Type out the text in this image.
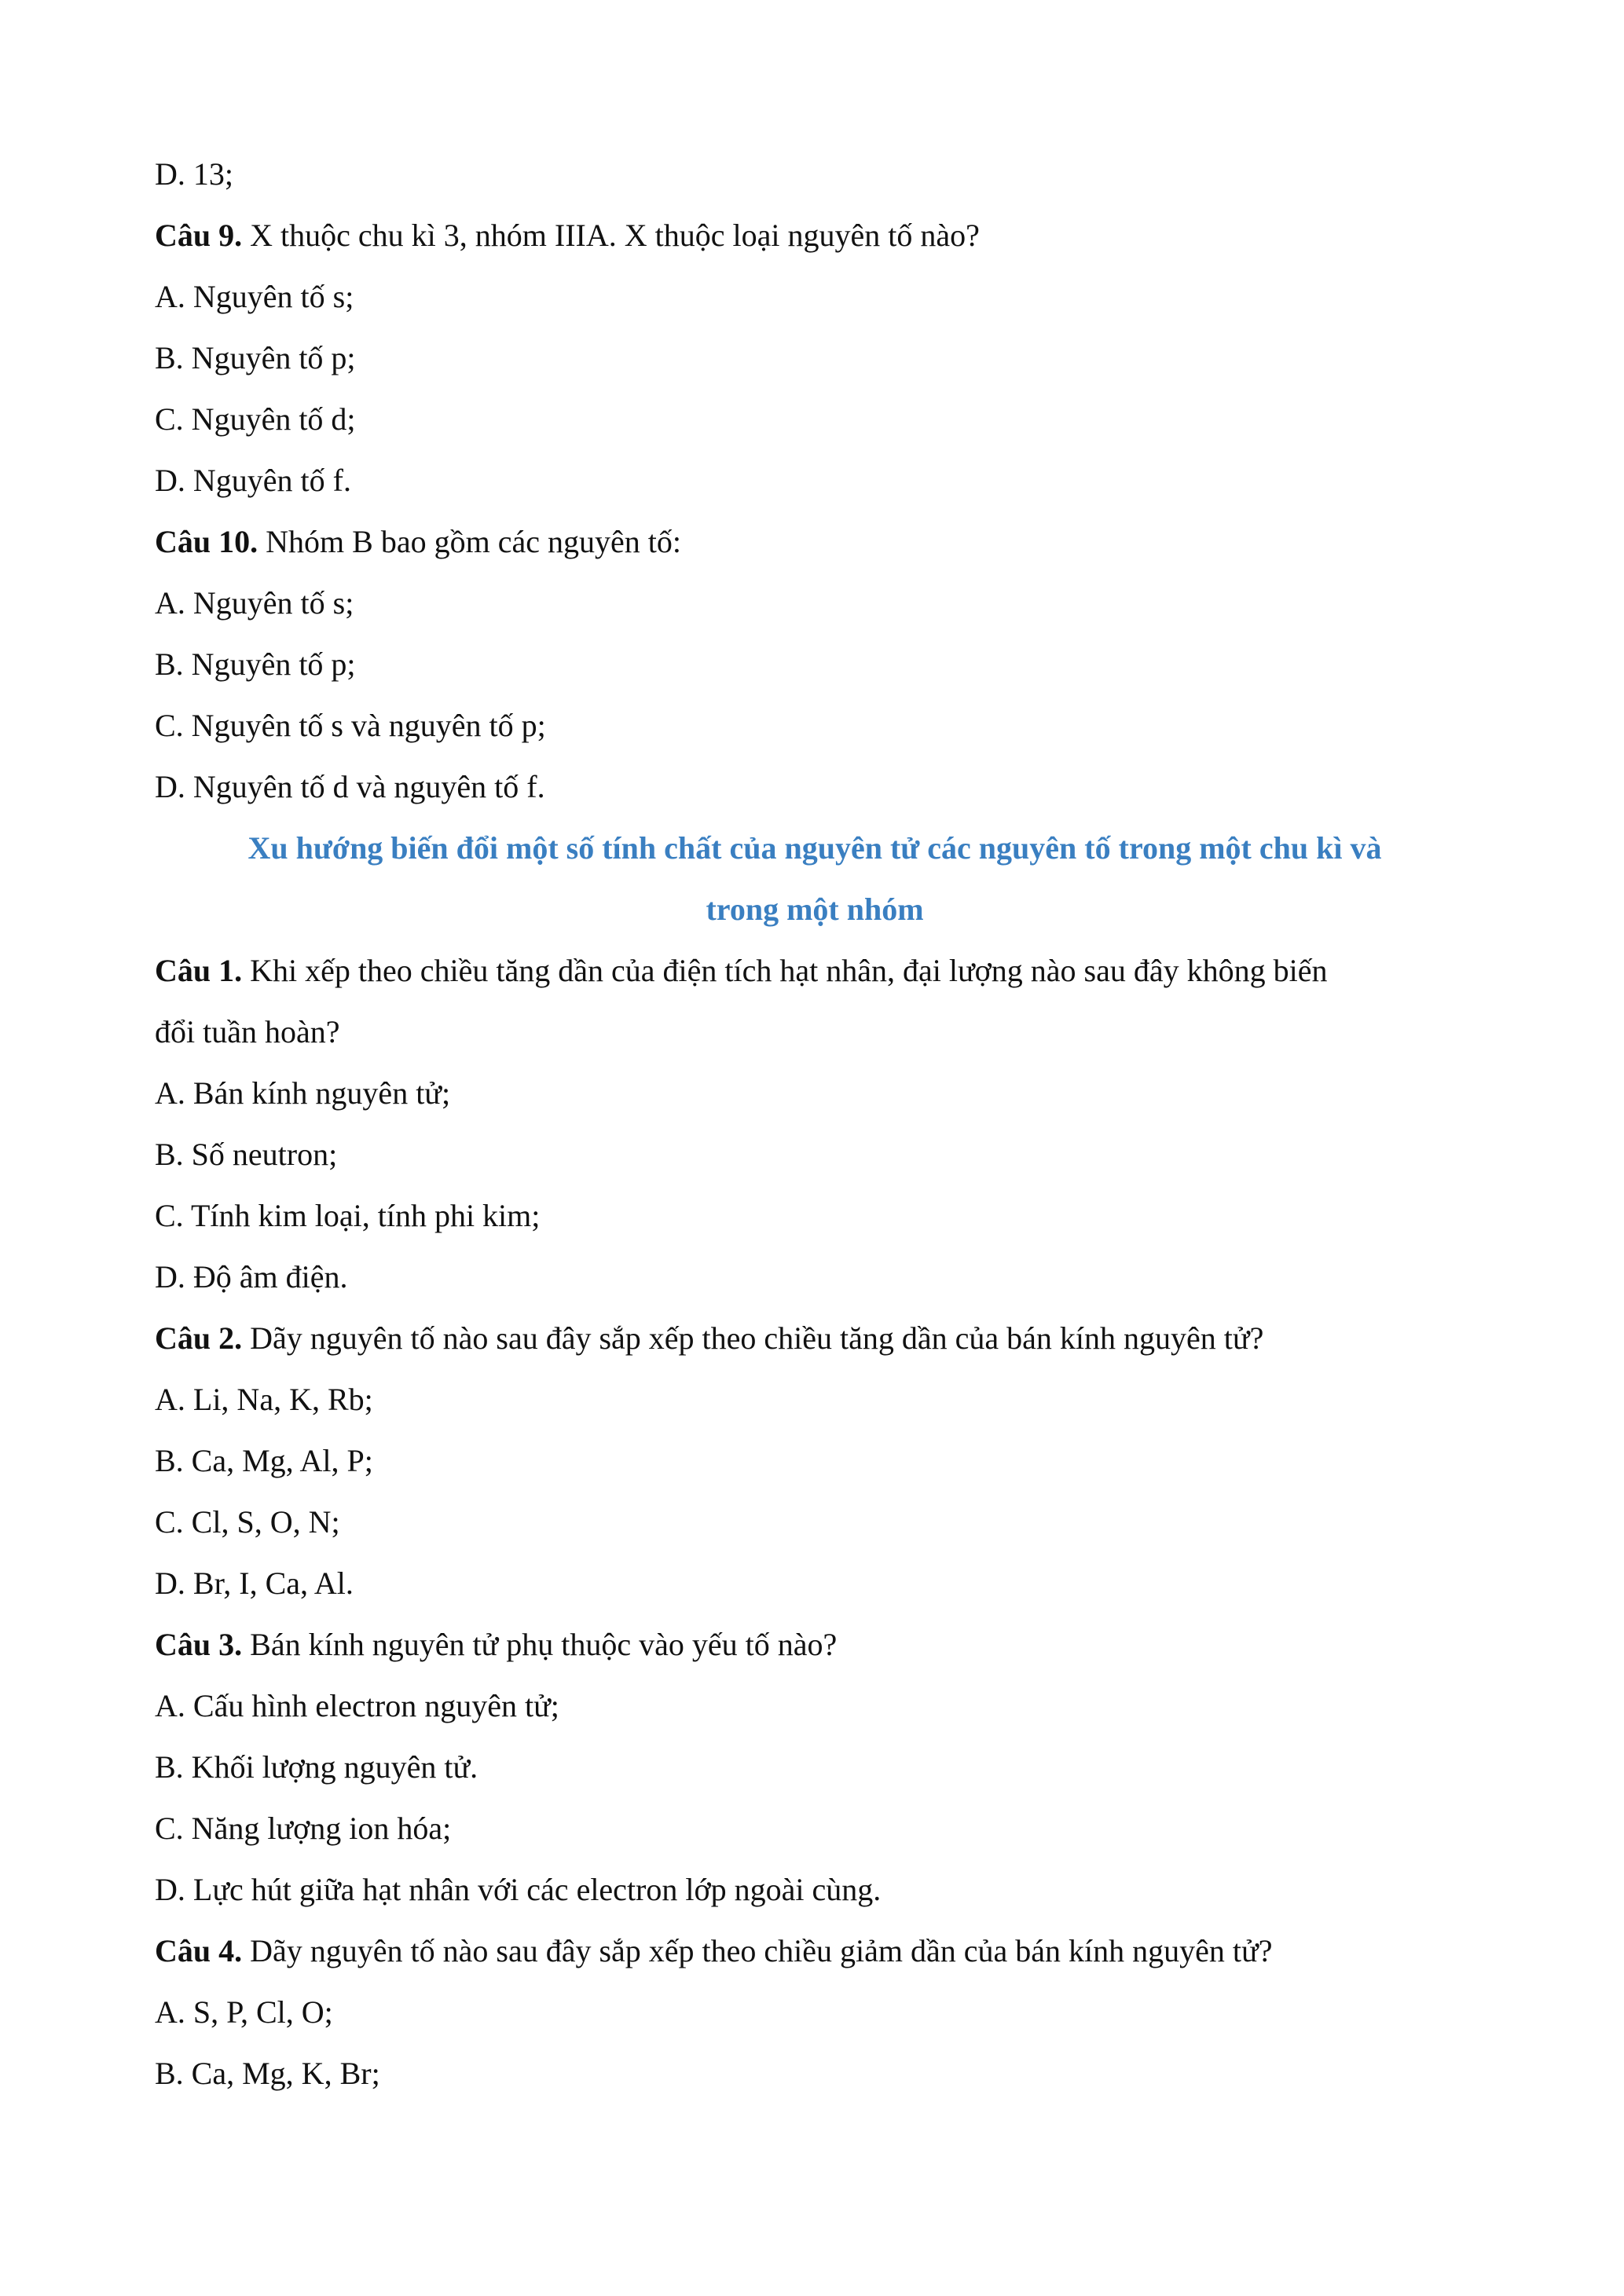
D. 13;
Câu 9. X thuộc chu kì 3, nhóm IIIA. X thuộc loại nguyên tố nào?
A. Nguyên tố s;
B. Nguyên tố p;
C. Nguyên tố d;
D. Nguyên tố f.
Câu 10. Nhóm B bao gồm các nguyên tố:
A. Nguyên tố s;
B. Nguyên tố p;
C. Nguyên tố s và nguyên tố p;
D. Nguyên tố d và nguyên tố f.
Xu hướng biến đổi một số tính chất của nguyên tử các nguyên tố trong một chu kì và
trong một nhóm
Câu 1. Khi xếp theo chiều tăng dần của điện tích hạt nhân, đại lượng nào sau đây không biến
đổi tuần hoàn?
A. Bán kính nguyên tử;
B. Số neutron;
C. Tính kim loại, tính phi kim;
D. Độ âm điện.
Câu 2. Dãy nguyên tố nào sau đây sắp xếp theo chiều tăng dần của bán kính nguyên tử?
A. Li, Na, K, Rb;
B. Ca, Mg, Al, P;
C. Cl, S, O, N;
D. Br, I, Ca, Al.
Câu 3. Bán kính nguyên tử phụ thuộc vào yếu tố nào?
A. Cấu hình electron nguyên tử;
B. Khối lượng nguyên tử.
C. Năng lượng ion hóa;
D. Lực hút giữa hạt nhân với các electron lớp ngoài cùng.
Câu 4. Dãy nguyên tố nào sau đây sắp xếp theo chiều giảm dần của bán kính nguyên tử?
A. S, P, Cl, O;
B. Ca, Mg, K, Br;
